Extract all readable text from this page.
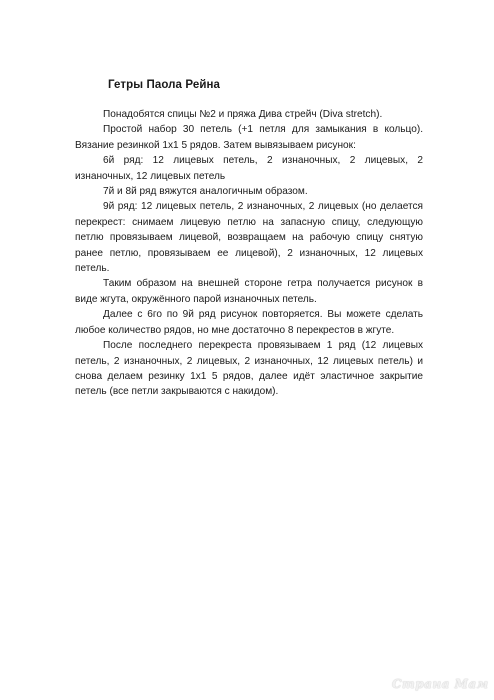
Гетры Паола Рейна

Понадобятся спицы №2 и пряжа Дива стрейч (Diva stretch).

Простой набор 30 петель (+1 петля для замыкания в кольцо). Вязание резинкой 1х1 5 рядов. Затем вывязываем рисунок:

6й ряд: 12 лицевых петель, 2 изнаночных, 2 лицевых, 2 изнаночных, 12 лицевых петель

7й и 8й ряд вяжутся аналогичным образом.

9й ряд: 12 лицевых петель, 2 изнаночных, 2 лицевых (но делается перекрест: снимаем лицевую петлю на запасную спицу, следующую петлю провязываем лицевой, возвращаем на рабочую спицу снятую ранее петлю, провязываем ее лицевой), 2 изнаночных, 12 лицевых петель.

Таким образом на внешней стороне гетра получается рисунок в виде жгута, окружённого парой изнаночных петель.

Далее с 6го по 9й ряд рисунок повторяется. Вы можете сделать любое количество рядов, но мне достаточно 8 перекрестов в жгуте.

После последнего перекреста провязываем 1 ряд (12 лицевых петель, 2 изнаночных, 2 лицевых, 2 изнаночных, 12 лицевых петель) и снова делаем резинку 1х1 5 рядов, далее идёт эластичное закрытие петель (все петли закрываются с накидом).

Страна Мам
